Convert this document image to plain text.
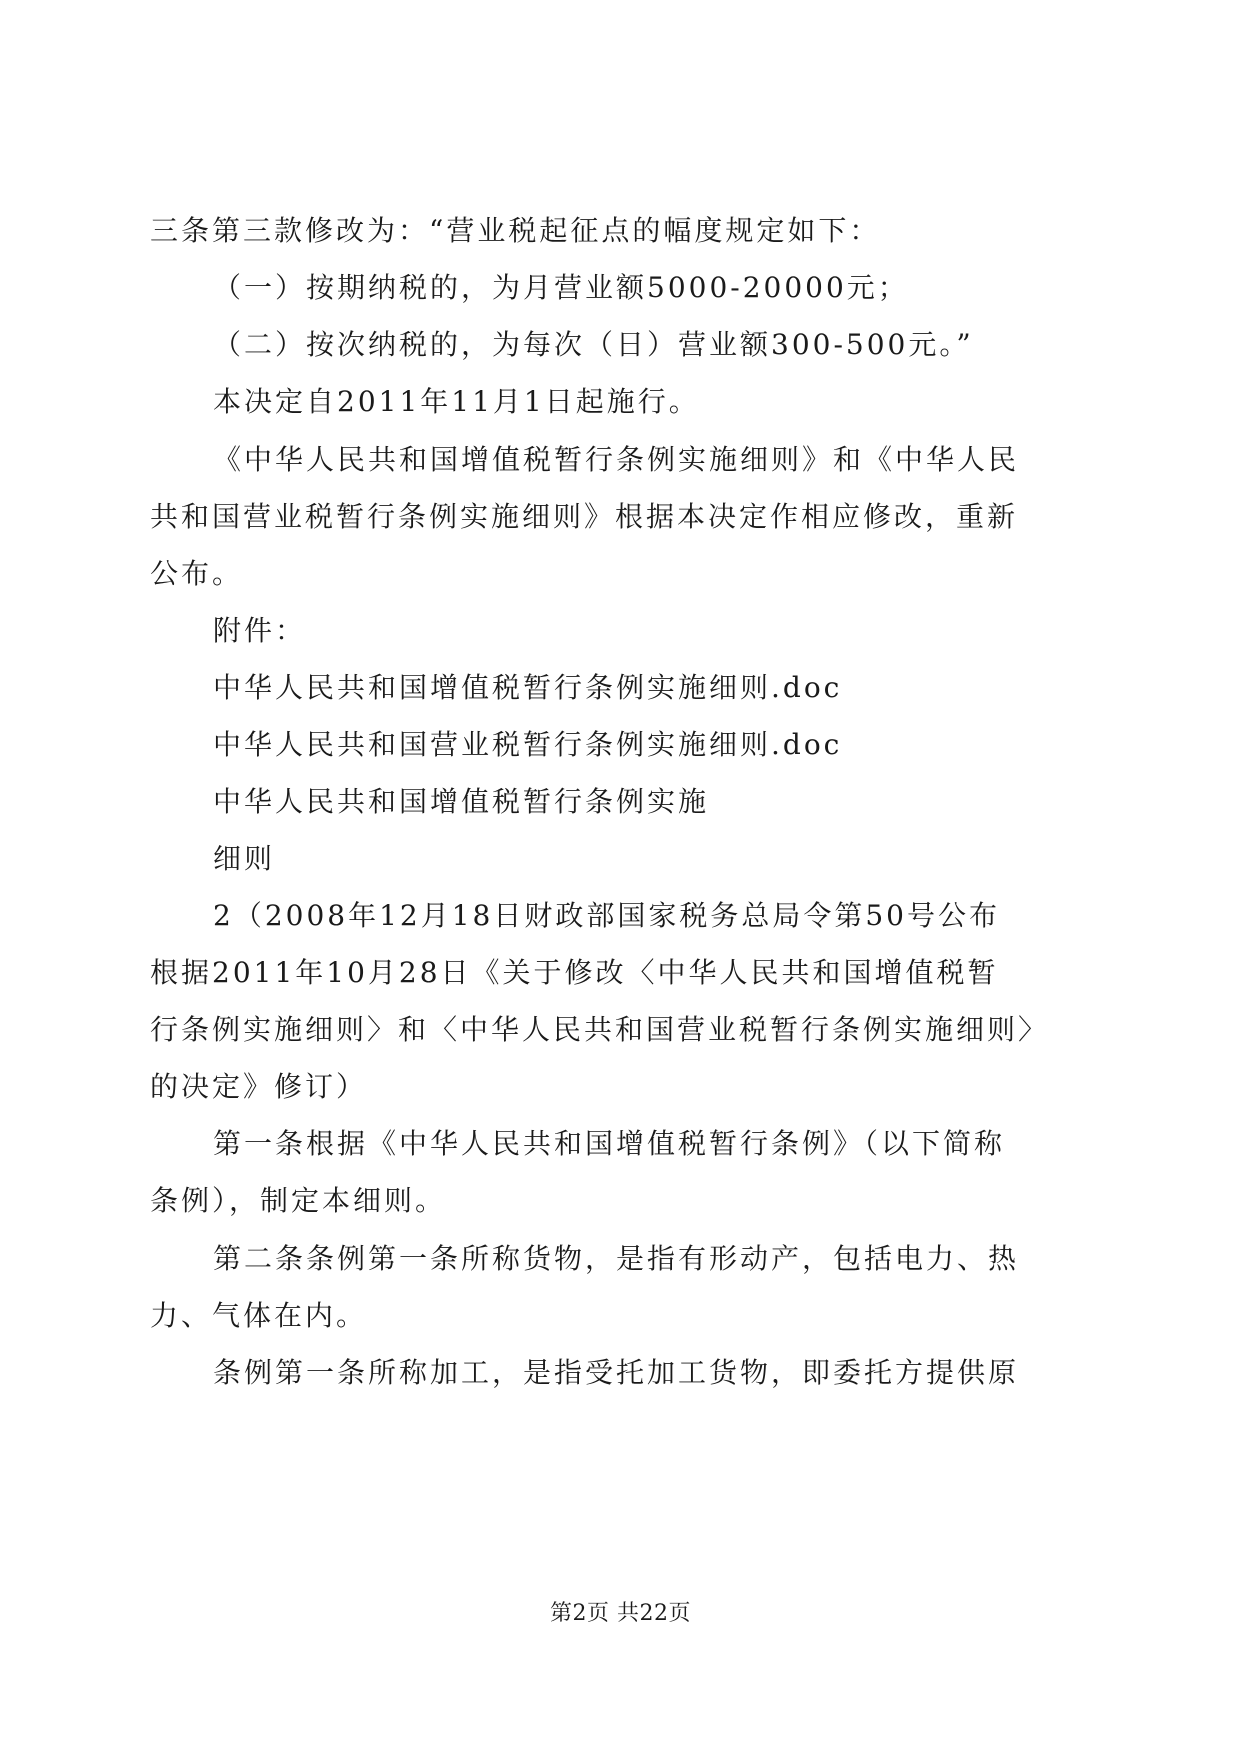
三条第三款修改为：“营业税起征点的幅度规定如下：
（一）按期纳税的，为月营业额5000-20000元；
（二）按次纳税的，为每次（日）营业额300-500元。”
本决定自2011年11月1日起施行。
《中华人民共和国增值税暂行条例实施细则》和《中华人民
共和国营业税暂行条例实施细则》根据本决定作相应修改，重新
公布。
附件：
中华人民共和国增值税暂行条例实施细则.doc
中华人民共和国营业税暂行条例实施细则.doc
中华人民共和国增值税暂行条例实施
细则
2（2008年12月18日财政部国家税务总局令第50号公布
根据2011年10月28日《关于修改〈中华人民共和国增值税暂
行条例实施细则〉和〈中华人民共和国营业税暂行条例实施细则〉
的决定》修订）
第一条根据《中华人民共和国增值税暂行条例》（以下简称
条例），制定本细则。
第二条条例第一条所称货物，是指有形动产，包括电力、热
力、气体在内。
条例第一条所称加工，是指受托加工货物，即委托方提供原
第2页 共22页
